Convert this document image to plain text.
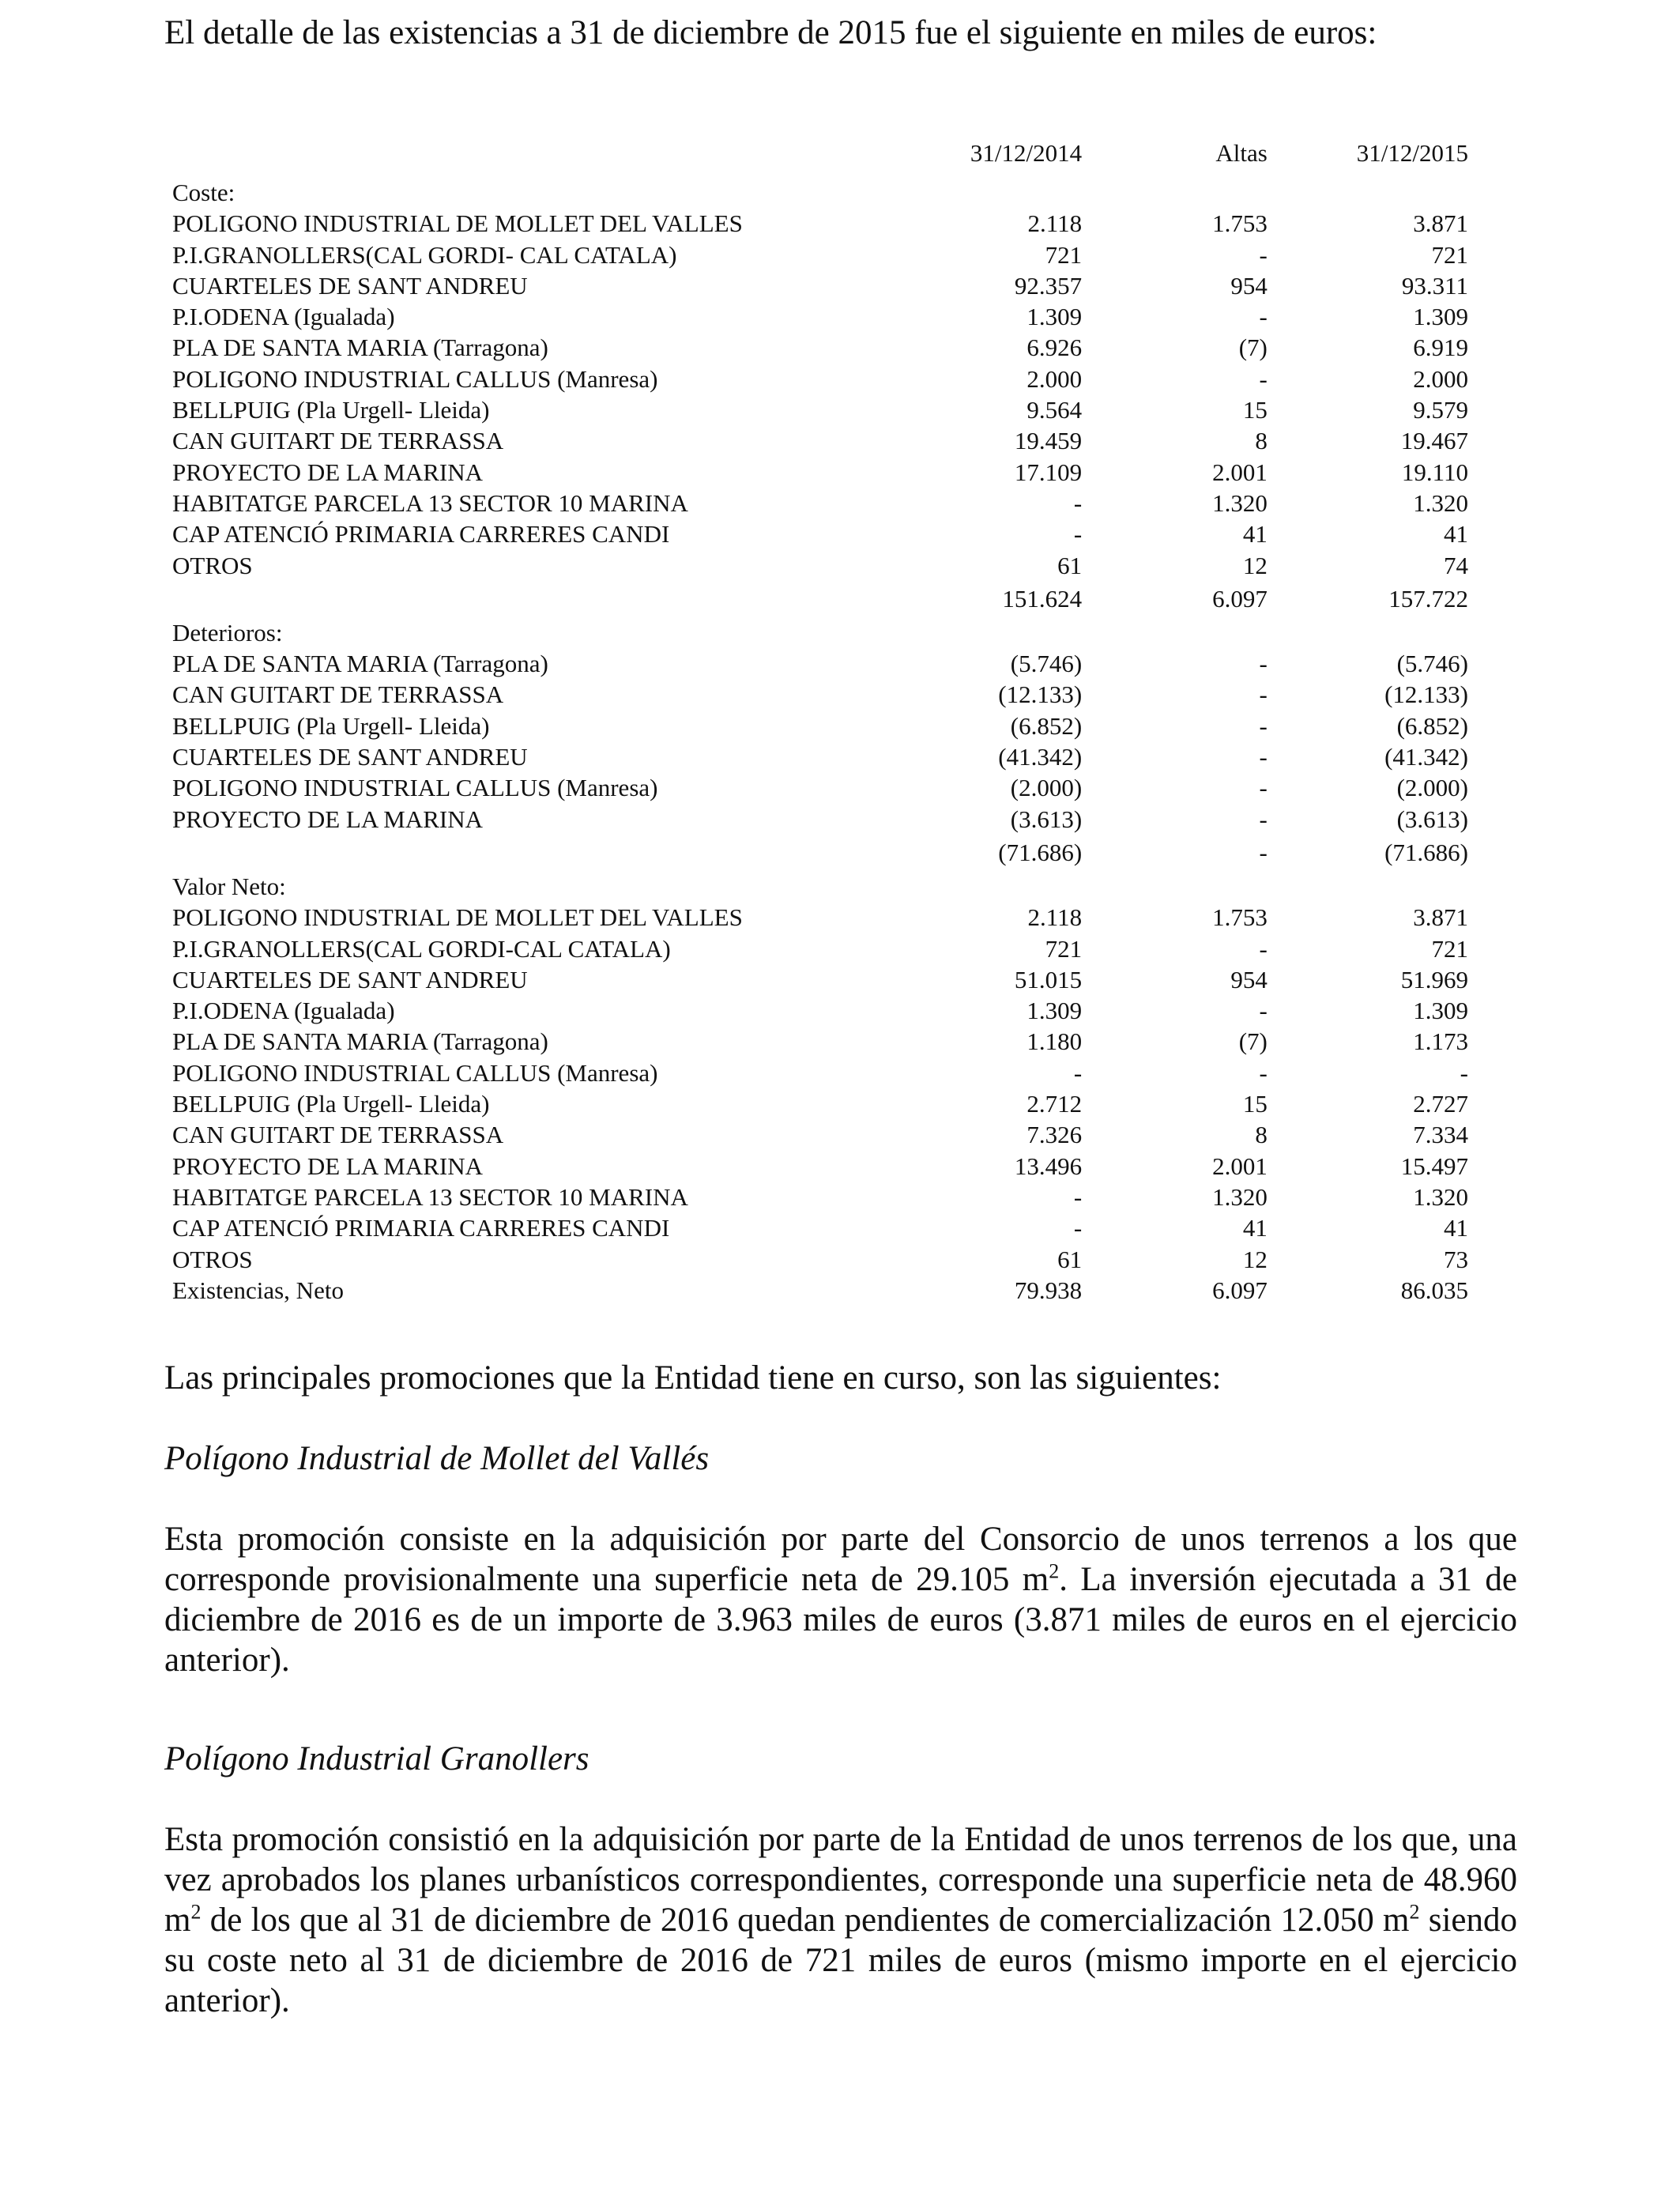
El detalle de las existencias a 31 de diciembre de 2015 fue el siguiente en miles de euros:

	31/12/2014	Altas	31/12/2015
Coste:			
POLIGONO INDUSTRIAL DE MOLLET DEL VALLES	2.118	1.753	3.871
P.I.GRANOLLERS(CAL GORDI- CAL CATALA)	721	-	721
CUARTELES DE SANT ANDREU	92.357	954	93.311
P.I.ODENA (Igualada)	1.309	-	1.309
PLA DE SANTA MARIA (Tarragona)	6.926	(7)	6.919
POLIGONO INDUSTRIAL CALLUS (Manresa)	2.000	-	2.000
BELLPUIG (Pla Urgell- Lleida)	9.564	15	9.579
CAN GUITART DE TERRASSA	19.459	8	19.467
PROYECTO DE LA MARINA	17.109	2.001	19.110
HABITATGE PARCELA 13 SECTOR 10 MARINA	-	1.320	1.320
CAP ATENCIÓ PRIMARIA CARRERES CANDI	-	41	41
OTROS	61	12	74
	151.624	6.097	157.722
Deterioros:			
PLA DE SANTA MARIA (Tarragona)	(5.746)	-	(5.746)
CAN GUITART DE TERRASSA	(12.133)	-	(12.133)
BELLPUIG (Pla Urgell- Lleida)	(6.852)	-	(6.852)
CUARTELES DE SANT ANDREU	(41.342)	-	(41.342)
POLIGONO INDUSTRIAL CALLUS (Manresa)	(2.000)	-	(2.000)
PROYECTO DE LA MARINA	(3.613)	-	(3.613)
	(71.686)	-	(71.686)
Valor Neto:			
POLIGONO INDUSTRIAL DE MOLLET DEL VALLES	2.118	1.753	3.871
P.I.GRANOLLERS(CAL GORDI-CAL CATALA)	721	-	721
CUARTELES DE SANT ANDREU	51.015	954	51.969
P.I.ODENA (Igualada)	1.309	-	1.309
PLA DE SANTA MARIA (Tarragona)	1.180	(7)	1.173
POLIGONO INDUSTRIAL CALLUS (Manresa)	-	-	-
BELLPUIG (Pla Urgell- Lleida)	2.712	15	2.727
CAN GUITART DE TERRASSA	7.326	8	7.334
PROYECTO DE LA MARINA	13.496	2.001	15.497
HABITATGE PARCELA 13 SECTOR 10 MARINA	-	1.320	1.320
CAP ATENCIÓ PRIMARIA CARRERES CANDI	-	41	41
OTROS	61	12	73
Existencias, Neto	79.938	6.097	86.035

Las principales promociones que la Entidad tiene en curso, son las siguientes:

Polígono Industrial de Mollet del Vallés

Esta promoción consiste en la adquisición por parte del Consorcio de unos terrenos a los que corresponde provisionalmente una superficie neta de 29.105 $m^2$. La inversión ejecutada a 31 de diciembre de 2016 es de un importe de 3.963 miles de euros (3.871 miles de euros en el ejercicio anterior).

Polígono Industrial Granollers

Esta promoción consistió en la adquisición por parte de la Entidad de unos terrenos de los que, una vez aprobados los planes urbanísticos correspondientes, corresponde una superficie neta de 48.960 $m^2$ de los que al 31 de diciembre de 2016 quedan pendientes de comercialización 12.050 $m^2$ siendo su coste neto al 31 de diciembre de 2016 de 721 miles de euros (mismo importe en el ejercicio anterior).
